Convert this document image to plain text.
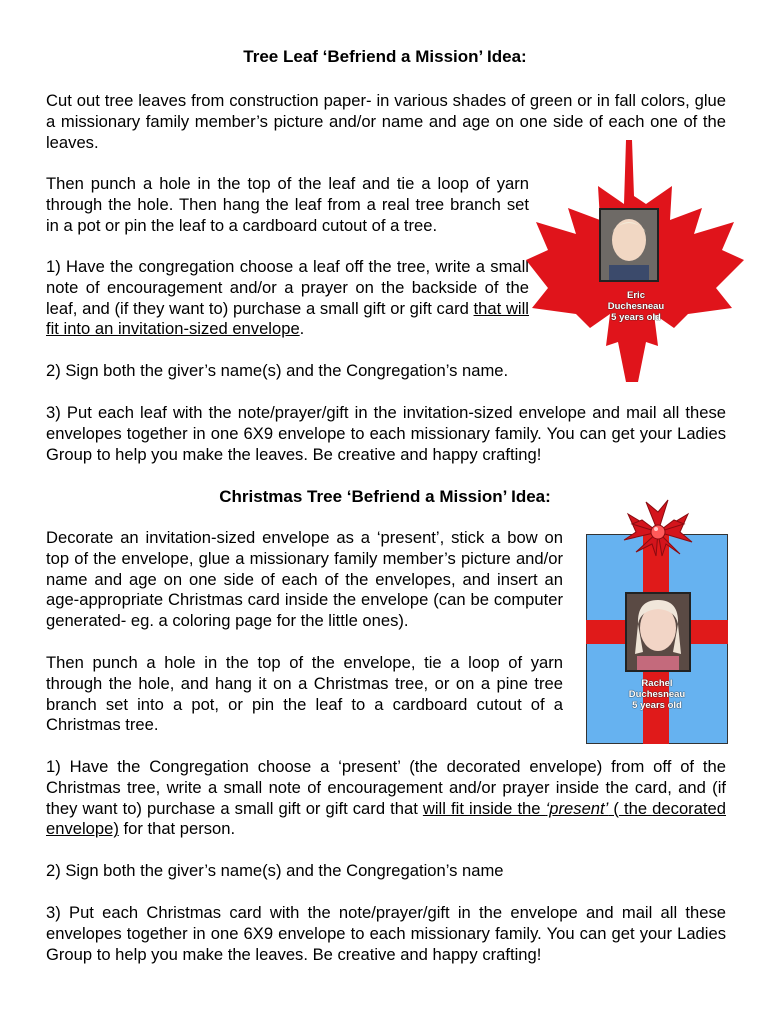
Tree Leaf ‘Befriend a Mission’ Idea:

Cut out tree leaves from construction paper- in various shades of green or in fall colors, glue a missionary family member’s picture and/or name and age on one side of each one of the leaves.

Then punch a hole in the top of the leaf and tie a loop of yarn through the hole. Then hang the leaf from a real tree branch set in a pot or pin the leaf to a cardboard cutout of a tree.

1) Have the congregation choose a leaf off the tree, write a small note of encouragement and/or a prayer on the backside of the leaf, and (if they want to) purchase a small gift or gift card that will fit into an invitation-sized envelope.

2) Sign both the giver’s name(s) and the Congregation’s name.

3) Put each leaf with the note/prayer/gift in the invitation-sized envelope and mail all these envelopes together in one 6X9 envelope to each missionary family. You can get your Ladies Group to help you make the leaves. Be creative and happy crafting!

Eric
Duchesneau
5 years old
Christmas Tree ‘Befriend a Mission’ Idea:

Decorate an invitation-sized envelope as a ‘present’, stick a bow on top of the envelope, glue a missionary family member’s picture and/or name and age on one side of each of the envelopes, and insert an age-appropriate Christmas card inside the envelope (can be computer generated- eg. a coloring page for the little ones).

Then punch a hole in the top of the envelope, tie a loop of yarn through the hole, and hang it on a Christmas tree, or on a pine tree branch set into a pot, or pin the leaf to a cardboard cutout of a Christmas tree.

1) Have the Congregation choose a ‘present’ (the decorated envelope) from off of the Christmas tree, write a small note of encouragement and/or prayer inside the card, and (if they want to) purchase a small gift or gift card that will fit inside the ‘present’ ( the decorated envelope) for that person.

2) Sign both the giver’s name(s) and the Congregation’s name

3) Put each Christmas card with the note/prayer/gift in the envelope and mail all these envelopes together in one 6X9 envelope to each missionary family. You can get your Ladies Group to help you make the leaves. Be creative and happy crafting!

Rachel
Duchesneau
5 years old
